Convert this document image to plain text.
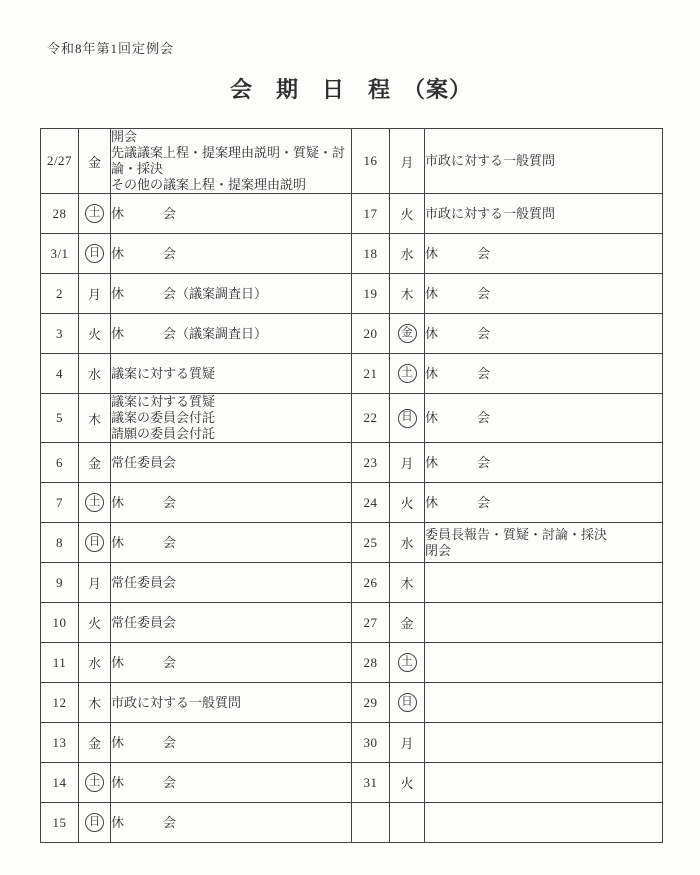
令和8年第1回定例会
会　期　日　程　（案）
2/27	金	開会
先議議案上程・提案理由説明・質疑・討論・採決
その他の議案上程・提案理由説明	16	月	市政に対する一般質問

28	土	休　　　会	17	火	市政に対する一般質問

3/1	日	休　　　会	18	水	休　　　会

2	月	休　　　会（議案調査日）	19	木	休　　　会

3	火	休　　　会（議案調査日）	20	金	休　　　会

4	水	議案に対する質疑	21	土	休　　　会

5	木	議案に対する質疑
議案の委員会付託
請願の委員会付託	22	日	休　　　会

6	金	常任委員会	23	月	休　　　会

7	土	休　　　会	24	火	休　　　会

8	日	休　　　会	25	水	委員長報告・質疑・討論・採決
閉会

9	月	常任委員会	26	木	
10	火	常任委員会	27	金	
11	水	休　　　会	28	土	
12	木	市政に対する一般質問	29	日	
13	金	休　　　会	30	月	
14	土	休　　　会	31	火	
15	日	休　　　会			
